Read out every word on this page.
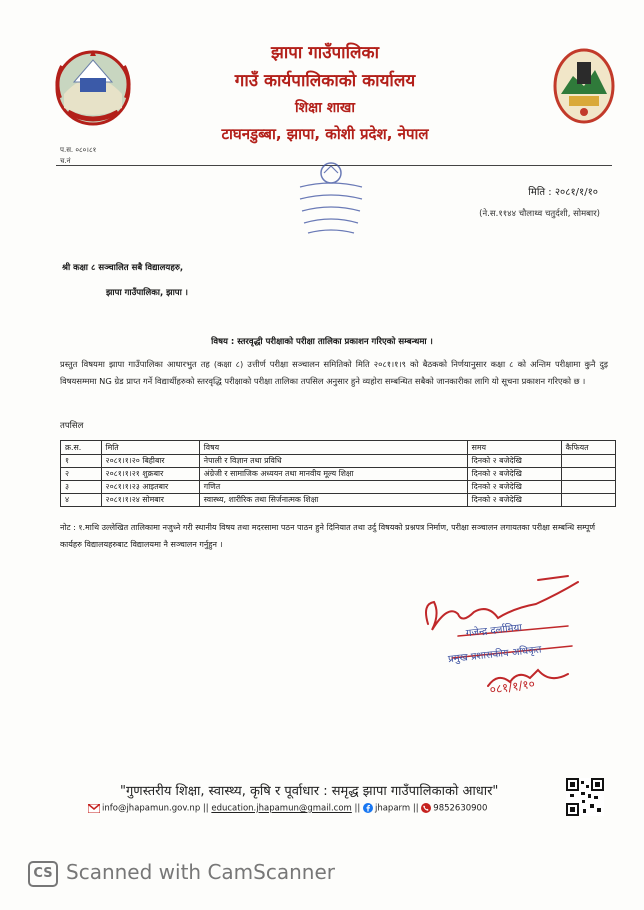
झापा गाउँपालिका
गाउँ कार्यपालिकाको कार्यालय
शिक्षा शाखा
टाघनडुब्बा, झापा, कोशी प्रदेश, नेपाल
प.स. ०८०।८१
च.नं
मिति : २०८१/१/१०
(ने.स.११४४ चौलाथ्व चतुर्दशी, सोमबार)
श्री कक्षा ८ सञ्चालित सबै विद्यालयहरु,
झापा गाउँपालिका, झापा ।
विषय : स्तरवृद्धी परीक्षाको परीक्षा तालिका प्रकाशन गरिएको सम्बन्धमा ।
प्रस्तुत विषयमा झापा गाउँपालिका आधारभुत तह (कक्षा ८) उत्तीर्ण परीक्षा सञ्चालन समितिको मिति २०८१।१।९ को बैठकको निर्णयानुसार कक्षा ८ को अन्तिम परीक्षामा कुनै दुइ विषयसम्ममा NG ग्रेड प्राप्त गर्ने विद्यार्थीहरुको स्तरवृद्धि परीक्षाको परीक्षा तालिका तपसिल अनुसार हुने व्यहोरा सम्बन्धित सबैको जानकारीका लागि यो सूचना प्रकाशन गरिएको छ ।
तपसिल
क्र.स.	मिति	विषय	समय	कैफियत
१	२०८१।१।२० बिहीबार	नेपाली र विज्ञान तथा प्रविधि	दिनको २ बजेदेखि	
२	२०८१।१।२१ शुक्रबार	अंग्रेजी र सामाजिक अध्ययन तथा मानवीय मूल्य शिक्षा	दिनको २ बजेदेखि	
३	२०८१।१।२३ आइतबार	गणित	दिनको २ बजेदेखि	
४	२०८१।१।२४ सोमबार	स्वास्थ्य, शारीरिक तथा सिर्जनात्मक शिक्षा	दिनको २ बजेदेखि	
नोट : १.माथि उल्लेखित तालिकामा नजुध्ने गरी स्थानीय विषय तथा मदरसामा पठन पाठन हुने दिनियात तथा उर्दु विषयको प्रश्नपत्र निर्माण, परीक्षा सञ्चालन लगायतका परीक्षा सम्बन्धि सम्पूर्ण कार्यहरु विद्यालयहरुबाट विद्यालयमा नै सञ्चालन गर्नुहुन ।
गजेन्द्र दर्लामिया
प्रमुख प्रशासकीय अधिकृत
०८१/१/१०
"गुणस्तरीय शिक्षा, स्वास्थ्य, कृषि र पूर्वाधार : समृद्ध झापा गाउँपालिकाको आधार"
info@jhapamun.gov.np || education.jhapamun@gmail.com || jhaparm || 9852630900
CS Scanned with CamScanner
